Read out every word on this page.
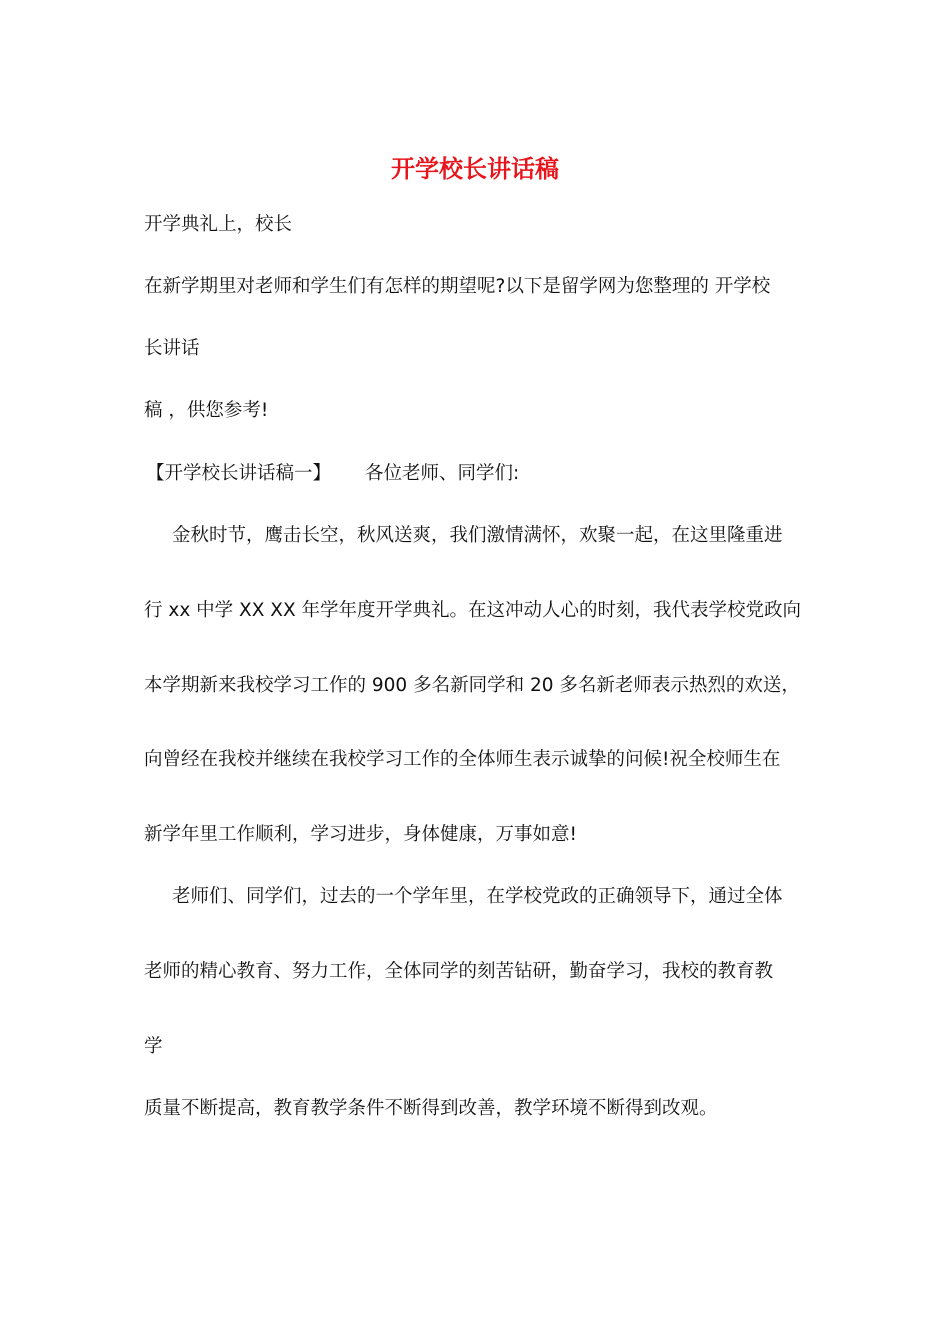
开学校长讲话稿

开学典礼上，校长

在新学期里对老师和学生们有怎样的期望呢?以下是留学网为您整理的 开学校

长讲话

稿 ，供您参考!

【开学校长讲话稿一】 各位老师、同学们:

金秋时节，鹰击长空，秋风送爽，我们激情满怀，欢聚一起，在这里隆重进

行 xx 中学 XX XX 年学年度开学典礼。在这冲动人心的时刻，我代表学校党政向

本学期新来我校学习工作的 900 多名新同学和 20 多名新老师表示热烈的欢送，

向曾经在我校并继续在我校学习工作的全体师生表示诚挚的问候!祝全校师生在

新学年里工作顺利，学习进步，身体健康，万事如意!

老师们、同学们，过去的一个学年里，在学校党政的正确领导下，通过全体

老师的精心教育、努力工作，全体同学的刻苦钻研，勤奋学习，我校的教育教

学

质量不断提高，教育教学条件不断得到改善，教学环境不断得到改观。
